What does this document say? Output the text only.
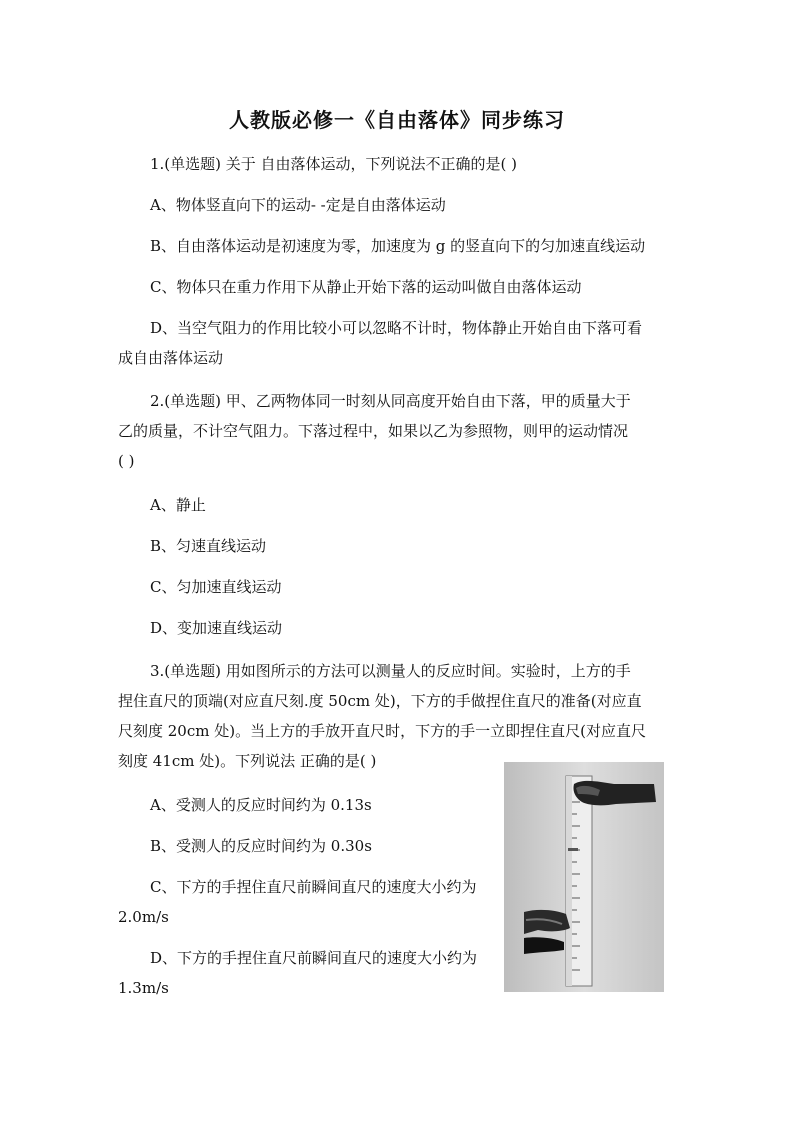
人教版必修一《自由落体》同步练习
1.(单选题) 关于 自由落体运动，下列说法不正确的是( )
A、物体竖直向下的运动- -定是自由落体运动
B、自由落体运动是初速度为零，加速度为 g 的竖直向下的匀加速直线运动
C、物体只在重力作用下从静止开始下落的运动叫做自由落体运动
D、当空气阻力的作用比较小可以忽略不计时，物体静止开始自由下落可看
成自由落体运动
2.(单选题) 甲、乙两物体同一时刻从同高度开始自由下落，甲的质量大于
乙的质量，不计空气阻力。下落过程中，如果以乙为参照物，则甲的运动情况
( )
A、静止
B、匀速直线运动
C、匀加速直线运动
D、变加速直线运动
3.(单选题) 用如图所示的方法可以测量人的反应时间。实验时，上方的手
捏住直尺的顶端(对应直尺刻.度 50cm 处)，下方的手做捏住直尺的准备(对应直
尺刻度 20cm 处)。当上方的手放开直尺时，下方的手一立即捏住直尺(对应直尺
刻度 41cm 处)。下列说法 正确的是( )
A、受测人的反应时间约为 0.13s
B、受测人的反应时间约为 0.30s
C、下方的手捏住直尺前瞬间直尺的速度大小约为
2.0m/s
D、下方的手捏住直尺前瞬间直尺的速度大小约为
1.3m/s
